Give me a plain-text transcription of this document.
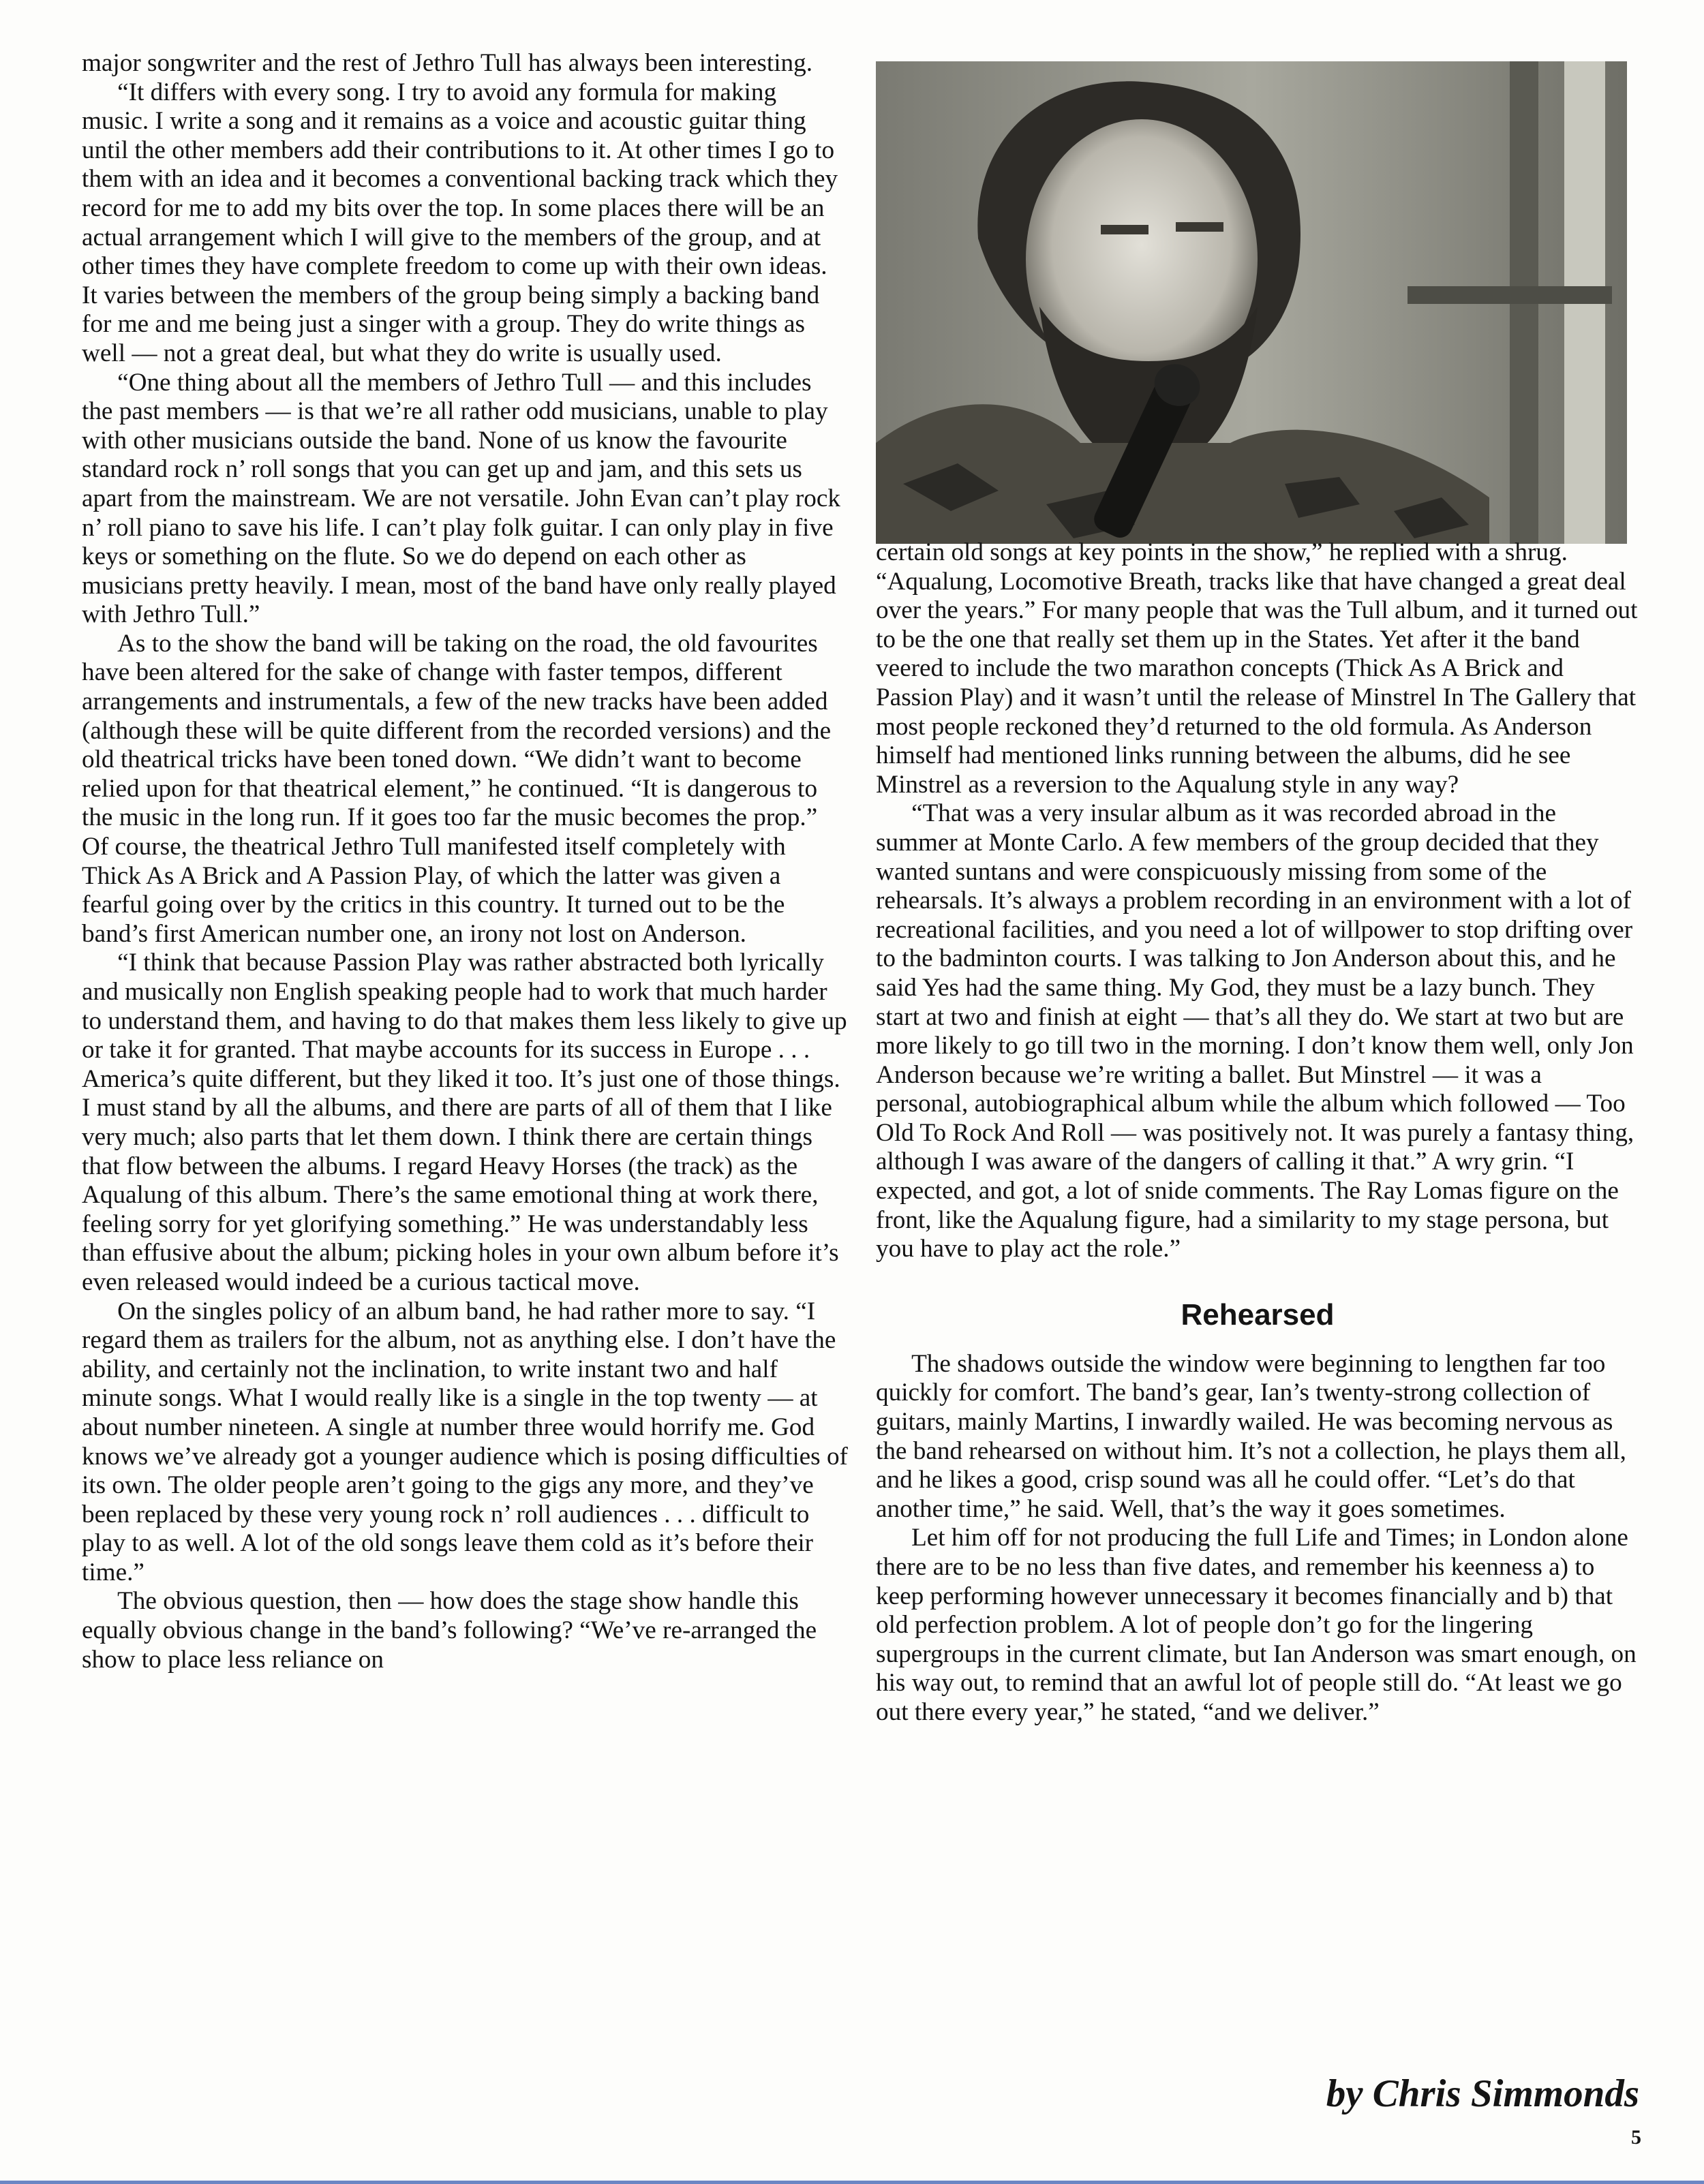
major songwriter and the rest of Jethro Tull has always been interesting.

“It differs with every song. I try to avoid any formula for making music. I write a song and it remains as a voice and acoustic guitar thing until the other members add their contributions to it. At other times I go to them with an idea and it becomes a conventional backing track which they record for me to add my bits over the top. In some places there will be an actual arrangement which I will give to the members of the group, and at other times they have complete freedom to come up with their own ideas. It varies between the members of the group being simply a backing band for me and me being just a singer with a group. They do write things as well — not a great deal, but what they do write is usually used.

“One thing about all the members of Jethro Tull — and this includes the past members — is that we’re all rather odd musicians, unable to play with other musicians outside the band. None of us know the favourite standard rock n’ roll songs that you can get up and jam, and this sets us apart from the mainstream. We are not versatile. John Evan can’t play rock n’ roll piano to save his life. I can’t play folk guitar. I can only play in five keys or something on the flute. So we do depend on each other as musicians pretty heavily. I mean, most of the band have only really played with Jethro Tull.”

As to the show the band will be taking on the road, the old favourites have been altered for the sake of change with faster tempos, different arrangements and instrumentals, a few of the new tracks have been added (although these will be quite different from the recorded versions) and the old theatrical tricks have been toned down. “We didn’t want to become relied upon for that theatrical element,” he continued. “It is dangerous to the music in the long run. If it goes too far the music becomes the prop.” Of course, the theatrical Jethro Tull manifested itself completely with Thick As A Brick and A Passion Play, of which the latter was given a fearful going over by the critics in this country. It turned out to be the band’s first American number one, an irony not lost on Anderson.

“I think that because Passion Play was rather abstracted both lyrically and musically non English speaking people had to work that much harder to understand them, and having to do that makes them less likely to give up or take it for granted. That maybe accounts for its success in Europe . . . America’s quite different, but they liked it too. It’s just one of those things. I must stand by all the albums, and there are parts of all of them that I like very much; also parts that let them down. I think there are certain things that flow between the albums. I regard Heavy Horses (the track) as the Aqualung of this album. There’s the same emotional thing at work there, feeling sorry for yet glorifying something.” He was understandably less than effusive about the album; picking holes in your own album before it’s even released would indeed be a curious tactical move.

On the singles policy of an album band, he had rather more to say. “I regard them as trailers for the album, not as anything else. I don’t have the ability, and certainly not the inclination, to write instant two and half minute songs. What I would really like is a single in the top twenty — at about number nineteen. A single at number three would horrify me. God knows we’ve already got a younger audience which is posing difficulties of its own. The older people aren’t going to the gigs any more, and they’ve been replaced by these very young rock n’ roll audiences . . . difficult to play to as well. A lot of the old songs leave them cold as it’s before their time.”

The obvious question, then — how does the stage show handle this equally obvious change in the band’s following? “We’ve re-arranged the show to place less reliance on

certain old songs at key points in the show,” he replied with a shrug. “Aqualung, Locomotive Breath, tracks like that have changed a great deal over the years.” For many people that was the Tull album, and it turned out to be the one that really set them up in the States. Yet after it the band veered to include the two marathon concepts (Thick As A Brick and Passion Play) and it wasn’t until the release of Minstrel In The Gallery that most people reckoned they’d returned to the old formula. As Anderson himself had mentioned links running between the albums, did he see Minstrel as a reversion to the Aqualung style in any way?

“That was a very insular album as it was recorded abroad in the summer at Monte Carlo. A few members of the group decided that they wanted suntans and were conspicuously missing from some of the rehearsals. It’s always a problem recording in an environment with a lot of recreational facilities, and you need a lot of willpower to stop drifting over to the badminton courts. I was talking to Jon Anderson about this, and he said Yes had the same thing. My God, they must be a lazy bunch. They start at two and finish at eight — that’s all they do. We start at two but are more likely to go till two in the morning. I don’t know them well, only Jon Anderson because we’re writing a ballet. But Minstrel — it was a personal, autobiographical album while the album which followed — Too Old To Rock And Roll — was positively not. It was purely a fantasy thing, although I was aware of the dangers of calling it that.” A wry grin. “I expected, and got, a lot of snide comments. The Ray Lomas figure on the front, like the Aqualung figure, had a similarity to my stage persona, but you have to play act the role.”

Rehearsed

The shadows outside the window were beginning to lengthen far too quickly for comfort. The band’s gear, Ian’s twenty-strong collection of guitars, mainly Martins, I inwardly wailed. He was becoming nervous as the band rehearsed on without him. It’s not a collection, he plays them all, and he likes a good, crisp sound was all he could offer. “Let’s do that another time,” he said. Well, that’s the way it goes sometimes.

Let him off for not producing the full Life and Times; in London alone there are to be no less than five dates, and remember his keenness a) to keep performing however unnecessary it becomes financially and b) that old perfection problem. A lot of people don’t go for the lingering supergroups in the current climate, but Ian Anderson was smart enough, on his way out, to remind that an awful lot of people still do. “At least we go out there every year,” he stated, “and we deliver.”

by Chris Simmonds
5
